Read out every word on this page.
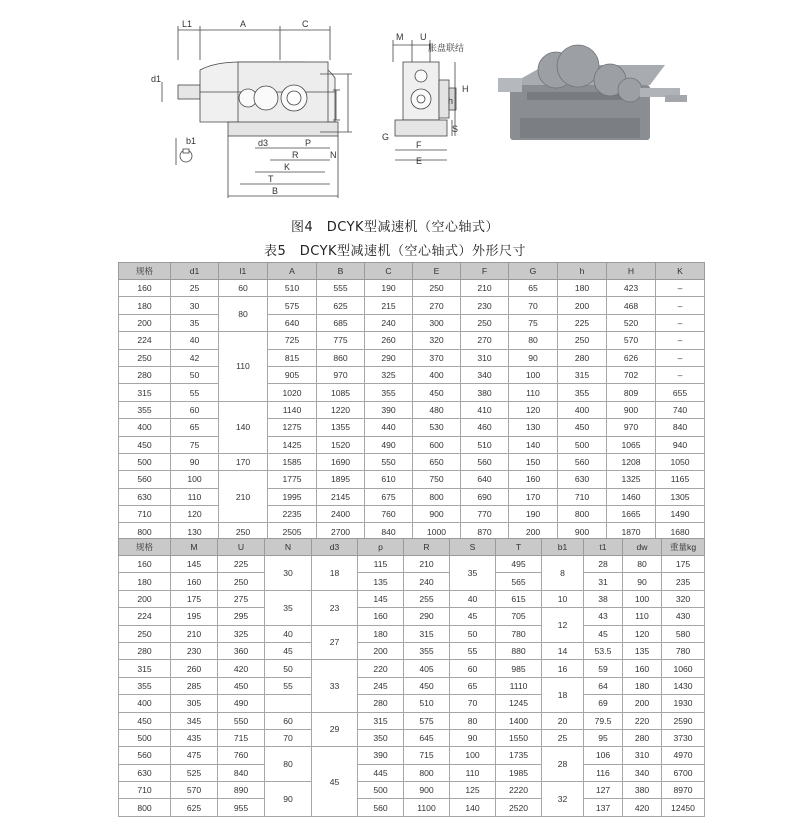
L1	A	C
d1
b1	d3	P
R	N
K
T
B
M U
胀盘联结
H
h
G
S
F
E
图4　DCYK型减速机（空心轴式）
表5　DCYK型减速机（空心轴式）外形尺寸
规格	d1	l1	A	B	C	E	F	G	h	H	K
160	25	60	510	555	190	250	210	65	180	423	–
180	30	80	575	625	215	270	230	70	200	468	–
200	35		640	685	240	300	250	75	225	520	–
224	40	110	725	775	260	320	270	80	250	570	–
250	42		815	860	290	370	310	90	280	626	–
280	50		905	970	325	400	340	100	315	702	–
315	55		1020	1085	355	450	380	110	355	809	655
355	60	140	1140	1220	390	480	410	120	400	900	740
400	65		1275	1355	440	530	460	130	450	970	840
450	75		1425	1520	490	600	510	140	500	1065	940
500	90	170	1585	1690	550	650	560	150	560	1208	1050
560	100	210	1775	1895	610	750	640	160	630	1325	1165
630	110		1995	2145	675	800	690	170	710	1460	1305
710	120		2235	2400	760	900	770	190	800	1665	1490
800	130	250	2505	2700	840	1000	870	200	900	1870	1680
规格	M	U	N	d3	p	R	S	T	b1	t1	dw	重量kg
160	145	225	30	18	115	210	35	495	8	28	80	175
180	160	250			135	240		565		31	90	235
200	175	275	35	23	145	255	40	615	10	38	100	320
224	195	295			160	290	45	705	12	43	110	430
250	210	325	40	27	180	315	50	780		45	120	580
280	230	360	45		200	355	55	880	14	53.5	135	780
315	260	420	50	33	220	405	60	985	16	59	160	1060
355	285	450	55		245	450	65	1110	18	64	180	1430
400	305	490			280	510	70	1245		69	200	1930
450	345	550	60	29	315	575	80	1400	20	79.5	220	2590
500	435	715	70		350	645	90	1550	25	95	280	3730
560	475	760	80	45	390	715	100	1735	28	106	310	4970
630	525	840			445	800	110	1985		116	340	6700
710	570	890	90		500	900	125	2220	32	127	380	8970
800	625	955			560	1100	140	2520		137	420	12450
